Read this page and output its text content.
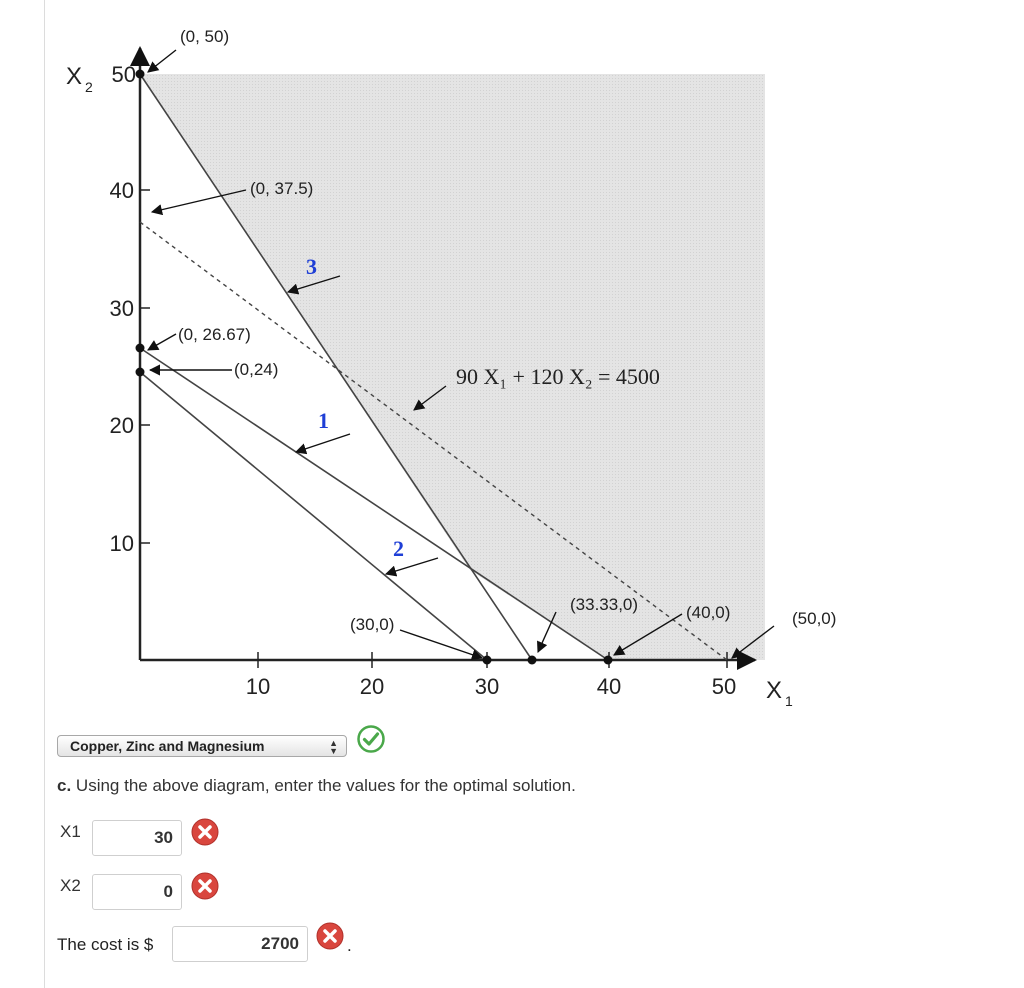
50
40
30
20
10
10	20	30	40	50
X 2
X 1
(0, 50)
(0, 37.5)
(0, 26.67)
(0,24)
(30,0)
(33.33,0)	(40,0)	(50,0)
1
2
3
90 X₁ + 120 X₂ = 4500
Copper, Zinc and Magnesium	▲
▼
c. Using the above diagram, enter the values for the optimal solution.
X1
30
X2
0
The cost is $
2700	.
